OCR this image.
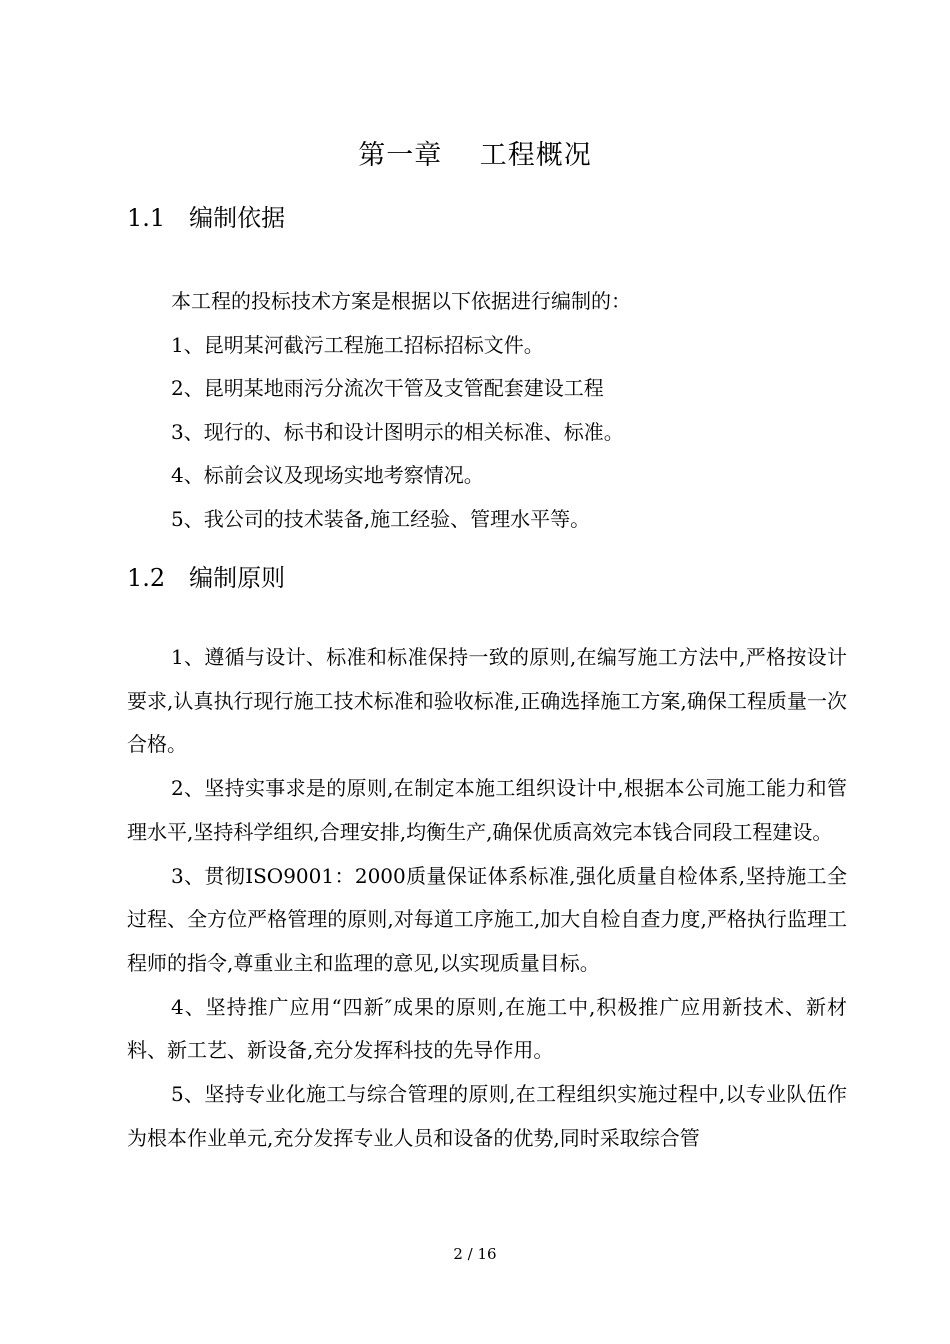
第一章　 工程概况
1.1　编制依据
本工程的投标技术方案是根据以下依据进行编制的：
1、昆明某河截污工程施工招标招标文件。
2、昆明某地雨污分流次干管及支管配套建设工程
3、现行的、标书和设计图明示的相关标准、标准。
4、标前会议及现场实地考察情况。
5、我公司的技术装备,施工经验、管理水平等。
1.2　编制原则

1、遵循与设计、标准和标准保持一致的原则,在编写施工方法中,严格按设计要求,认真执行现行施工技术标准和验收标准,正确选择施工方案,确保工程质量一次合格。

2、坚持实事求是的原则,在制定本施工组织设计中,根据本公司施工能力和管理水平,坚持科学组织,合理安排,均衡生产,确保优质高效完本钱合同段工程建设。

3、贯彻ISO9001：2000质量保证体系标准,强化质量自检体系,坚持施工全过程、全方位严格管理的原则,对每道工序施工,加大自检自查力度,严格执行监理工程师的指令,尊重业主和监理的意见,以实现质量目标。

4、坚持推广应用“四新″成果的原则,在施工中,积极推广应用新技术、新材料、新工艺、新设备,充分发挥科技的先导作用。

5、坚持专业化施工与综合管理的原则,在工程组织实施过程中,以专业队伍作为根本作业单元,充分发挥专业人员和设备的优势,同时采取综合管

2 / 16
